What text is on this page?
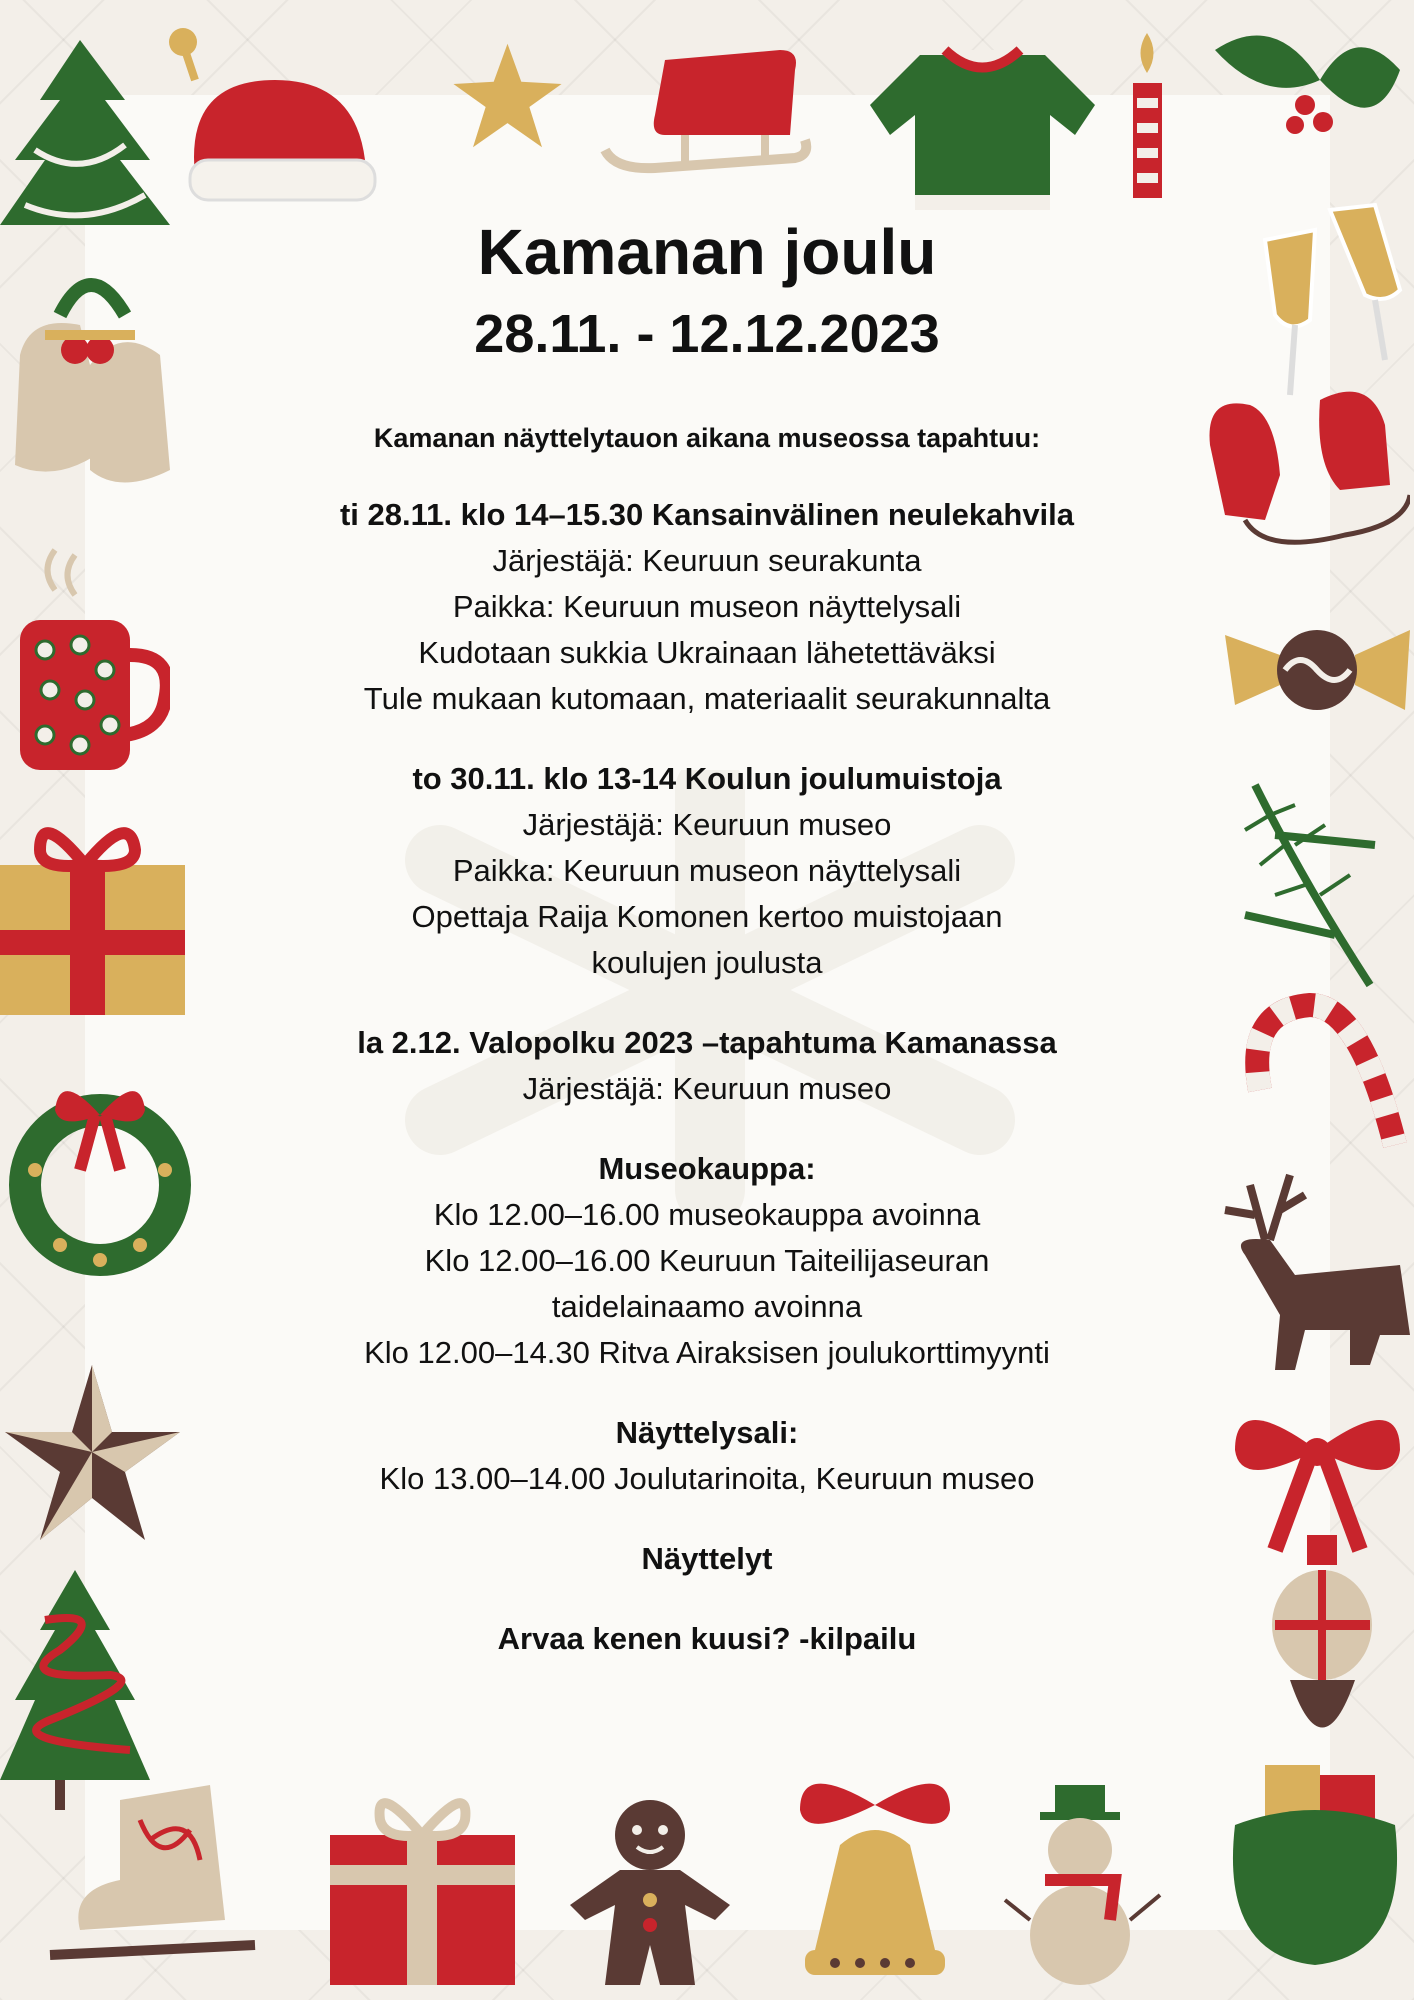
Kamanan joulu
28.11. - 12.12.2023
Kamanan näyttelytauon aikana museossa tapahtuu:
ti 28.11. klo 14–15.30 Kansainvälinen neulekahvila
Järjestäjä: Keuruun seurakunta
Paikka: Keuruun museon näyttelysali
Kudotaan sukkia Ukrainaan lähetettäväksi
Tule mukaan kutomaan, materiaalit seurakunnalta
to 30.11. klo 13-14 Koulun joulumuistoja
Järjestäjä: Keuruun museo
Paikka: Keuruun museon näyttelysali
Opettaja Raija Komonen kertoo muistojaan
koulujen joulusta
la 2.12. Valopolku 2023 –tapahtuma Kamanassa
Järjestäjä: Keuruun museo
Museokauppa:
Klo 12.00–16.00 museokauppa avoinna
Klo 12.00–16.00 Keuruun Taiteilijaseuran
taidelainaamo avoinna
Klo 12.00–14.30 Ritva Airaksisen joulukorttimyynti
Näyttelysali:
Klo 13.00–14.00 Joulutarinoita, Keuruun museo
Näyttelyt
Arvaa kenen kuusi? -kilpailu
